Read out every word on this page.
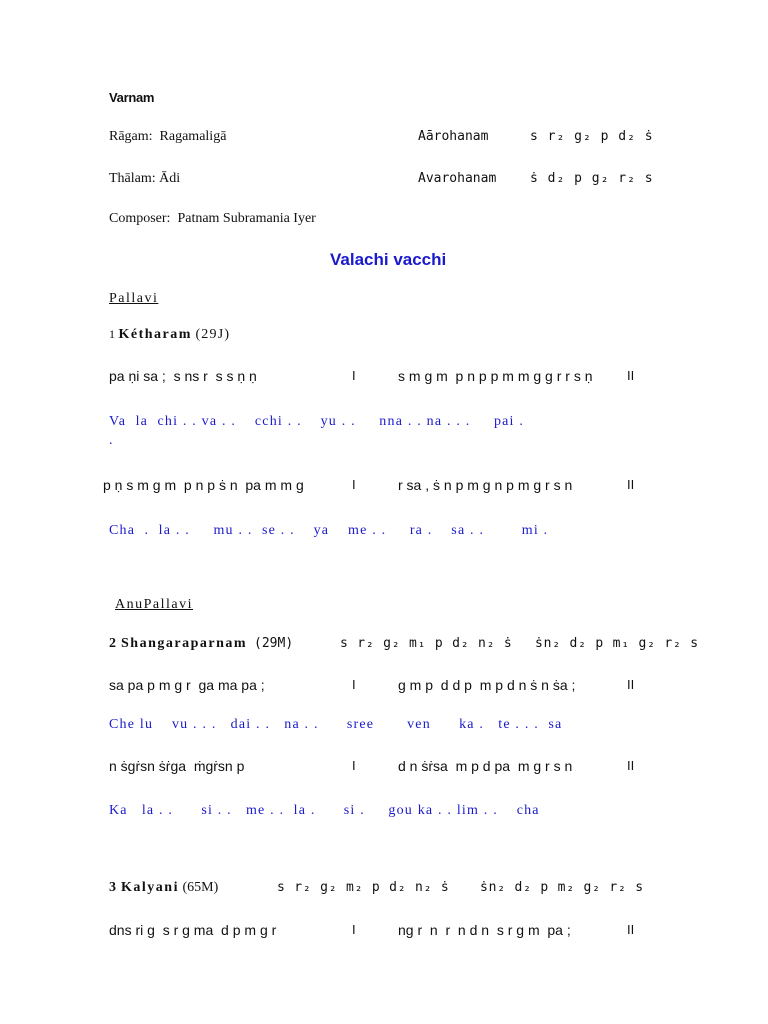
Varnam
Rāgam:  Ragamaligā	Aārohanam	s r₂ g₂ p d₂ ṡ
Thālam: Ādi	Avarohanam	ṡ d₂ p g₂ r₂ s
Composer:  Patnam Subramania Iyer
Valachi vacchi
Pallavi
1 Kétharam (29J)
pa ṇi sa ;  s ns r  s s ṇ ṇ	I	s m g m  p n p p m m g g r r s ṇ	II
Va  la  chi . . va . .    cchi . .    yu . .     nna . . na . . .     pai .
.
p ṇ s m g m  p n p ṡ n  pa m m g	I	r sa , ṡ n p m g n p m g r s n	II
Cha  .  la . .     mu . .  se . .    ya    me . .     ra .    sa . .        mi .
AnuPallavi
2 Shangaraparnam (29M)	s r₂ g₂ m₁ p d₂ n₂ ṡ ṡn₂ d₂ p m₁ g₂ r₂ s
sa pa p m g r  ga ma pa ;	I	g m p  d d p  m p d n ṡ n ṡa ;	II
Che lu    vu . . .   dai . .   na . .      sree       ven      ka .   te . . .  sa
n ṡgṙsn ṡṙga  ṁgṙsn p	I	d n ṡṙsa  m p d pa  m g r s n	II
Ka   la . .      si . .   me . .  la .      si .     gou ka . . lim . .    cha
3 Kalyani (65M)	s r₂ g₂ m₂ p d₂ n₂ ṡ ṡn₂ d₂ p m₂ g₂ r₂ s
dns ri g  s r g ma  d p m g r	I	ng r  n  r  n d n  s r g m  pa ;	II
